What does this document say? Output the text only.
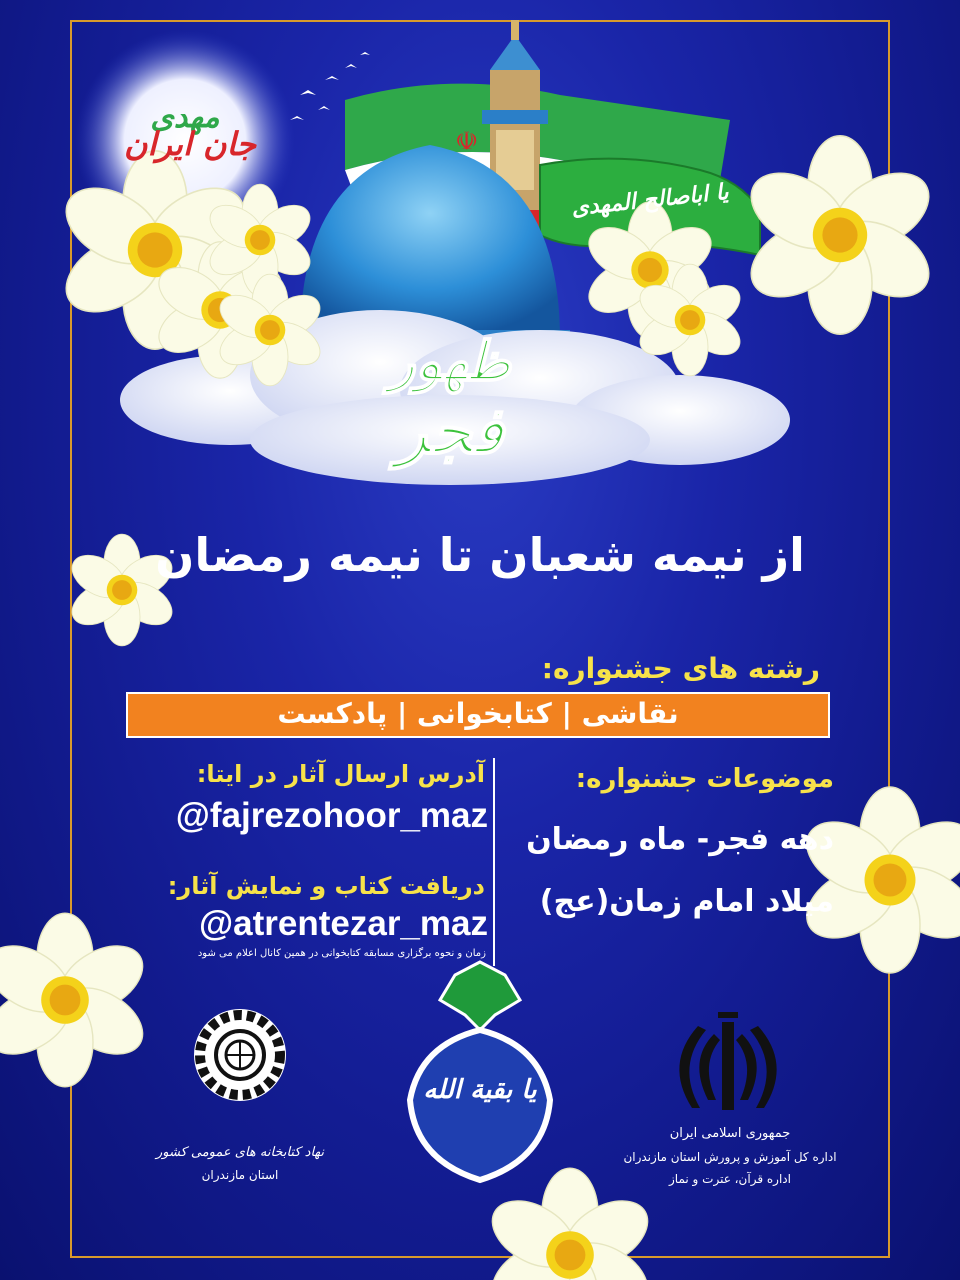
☫
مهدی
جان ایران
یا اباصالح المهدی
ظهور
فجر
از نیمه شعبان تا نیمه رمضان
رشته های جشنواره:
نقاشی | کتابخوانی | پادکست
آدرس ارسال آثار در ایتا:
@fajrezohoor_maz
دریافت کتاب و نمایش آثار:
@atrentezar_maz
زمان و نحوه برگزاری مسابقه کتابخوانی در همین کانال اعلام می شود
موضوعات جشنواره:
دهه فجر- ماه رمضان
میلاد امام زمان(عج)
یا بقیة الله
نهاد کتابخانه های عمومی کشور
استان مازندران
جمهوری اسلامی ایران
اداره کل آموزش و پرورش استان مازندران
اداره قرآن، عترت و نماز
